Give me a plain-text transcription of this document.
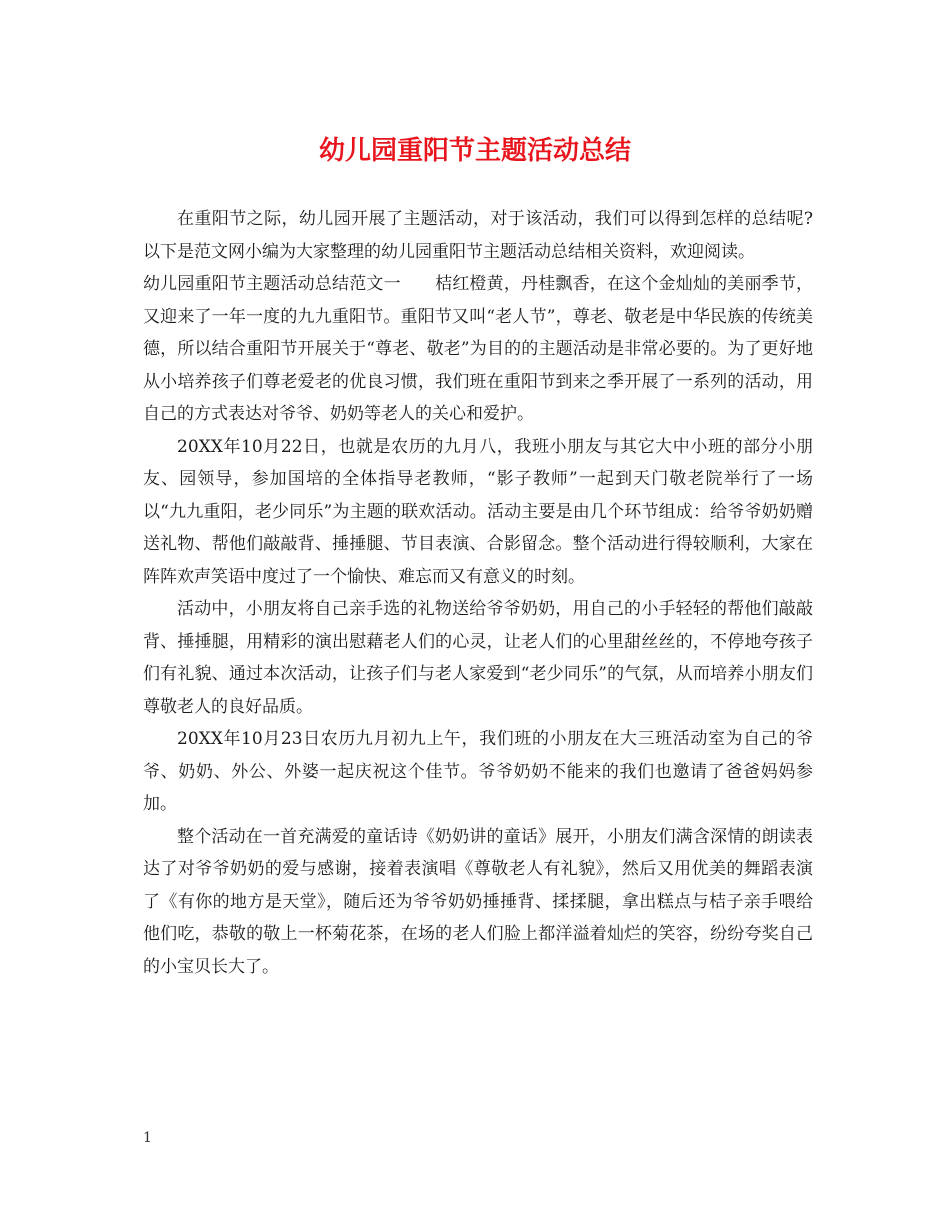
幼儿园重阳节主题活动总结

在重阳节之际，幼儿园开展了主题活动，对于该活动，我们可以得到怎样的总结呢?以下是范文网小编为大家整理的幼儿园重阳节主题活动总结相关资料，欢迎阅读。

幼儿园重阳节主题活动总结范文一　　桔红橙黄，丹桂飘香，在这个金灿灿的美丽季节，又迎来了一年一度的九九重阳节。重阳节又叫“老人节”，尊老、敬老是中华民族的传统美德，所以结合重阳节开展关于“尊老、敬老”为目的的主题活动是非常必要的。为了更好地从小培养孩子们尊老爱老的优良习惯，我们班在重阳节到来之季开展了一系列的活动，用自己的方式表达对爷爷、奶奶等老人的关心和爱护。

20XX年10月22日，也就是农历的九月八，我班小朋友与其它大中小班的部分小朋友、园领导，参加国培的全体指导老教师，“影子教师”一起到天门敬老院举行了一场以“九九重阳，老少同乐”为主题的联欢活动。活动主要是由几个环节组成：给爷爷奶奶赠送礼物、帮他们敲敲背、捶捶腿、节目表演、合影留念。整个活动进行得较顺利，大家在阵阵欢声笑语中度过了一个愉快、难忘而又有意义的时刻。

活动中，小朋友将自己亲手选的礼物送给爷爷奶奶，用自己的小手轻轻的帮他们敲敲背、捶捶腿，用精彩的演出慰藉老人们的心灵，让老人们的心里甜丝丝的，不停地夸孩子们有礼貌、通过本次活动，让孩子们与老人家爱到“老少同乐”的气氛，从而培养小朋友们尊敬老人的良好品质。

20XX年10月23日农历九月初九上午，我们班的小朋友在大三班活动室为自己的爷爷、奶奶、外公、外婆一起庆祝这个佳节。爷爷奶奶不能来的我们也邀请了爸爸妈妈参加。

整个活动在一首充满爱的童话诗《奶奶讲的童话》展开，小朋友们满含深情的朗读表达了对爷爷奶奶的爱与感谢，接着表演唱《尊敬老人有礼貌》，然后又用优美的舞蹈表演了《有你的地方是天堂》，随后还为爷爷奶奶捶捶背、揉揉腿，拿出糕点与桔子亲手喂给他们吃，恭敬的敬上一杯菊花茶，在场的老人们脸上都洋溢着灿烂的笑容，纷纷夸奖自己的小宝贝长大了。

1
